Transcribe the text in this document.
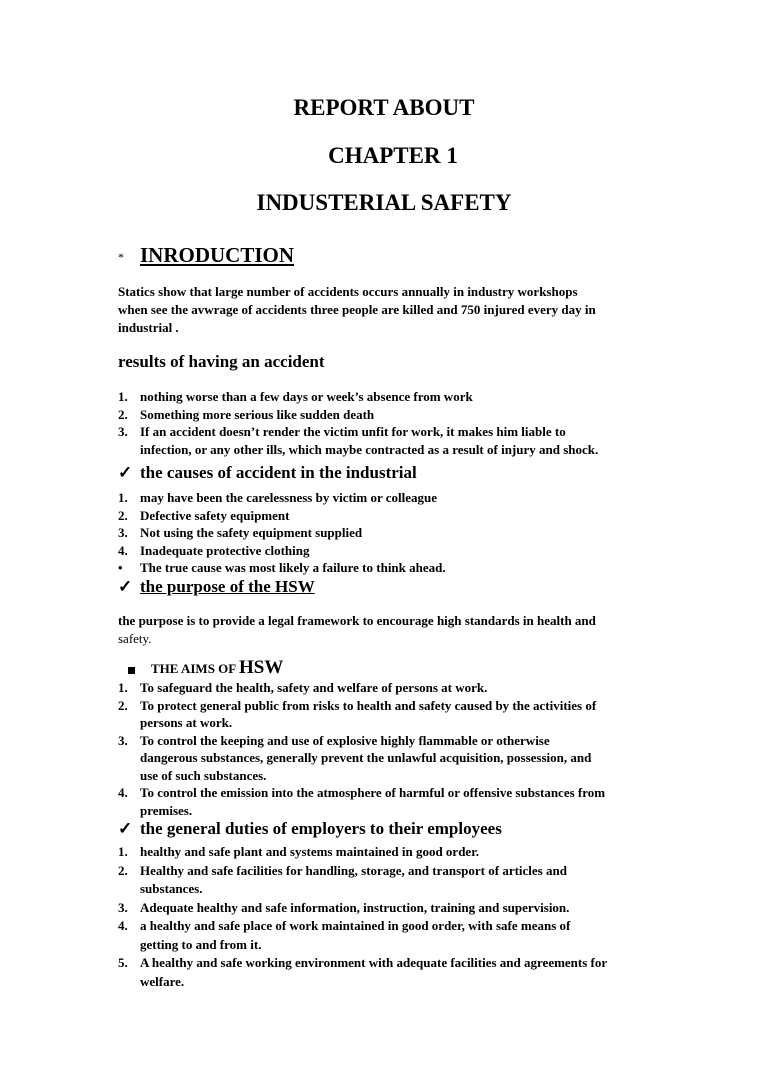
REPORT ABOUT
CHAPTER 1
INDUSTERIAL SAFETY
* INRODUCTION
Statics show that large number of accidents occurs annually in industry workshops
when see the avwrage of accidents three people are killed and 750 injured every day in
industrial .
results of having an accident
1. nothing worse than a few days or week’s absence from work
2. Something more serious like sudden death
3. If an accident doesn’t render the victim unfit for work, it makes him liable to
infection, or any other ills, which maybe contracted as a result of injury and shock.
✓ the causes of accident in the industrial
1. may have been the carelessness by victim or colleague
2. Defective safety equipment
3. Not using the safety equipment supplied
4. Inadequate protective clothing
• The true cause was most likely a failure to think ahead.
✓ the purpose of the HSW
the purpose is to provide a legal framework to encourage high standards in health and
safety.
THE AIMS OF HSW
1. To safeguard the health, safety and welfare of persons at work.
2. To protect general public from risks to health and safety caused by the activities of
persons at work.
3. To control the keeping and use of explosive highly flammable or otherwise
dangerous substances, generally prevent the unlawful acquisition, possession, and
use of such substances.
4. To control the emission into the atmosphere of harmful or offensive substances from
premises.
✓ the general duties of employers to their employees
1. healthy and safe plant and systems maintained in good order.
2. Healthy and safe facilities for handling, storage, and transport of articles and
substances.
3. Adequate healthy and safe information, instruction, training and supervision.
4. a healthy and safe place of work maintained in good order, with safe means of
getting to and from it.
5. A healthy and safe working environment with adequate facilities and agreements for
welfare.
